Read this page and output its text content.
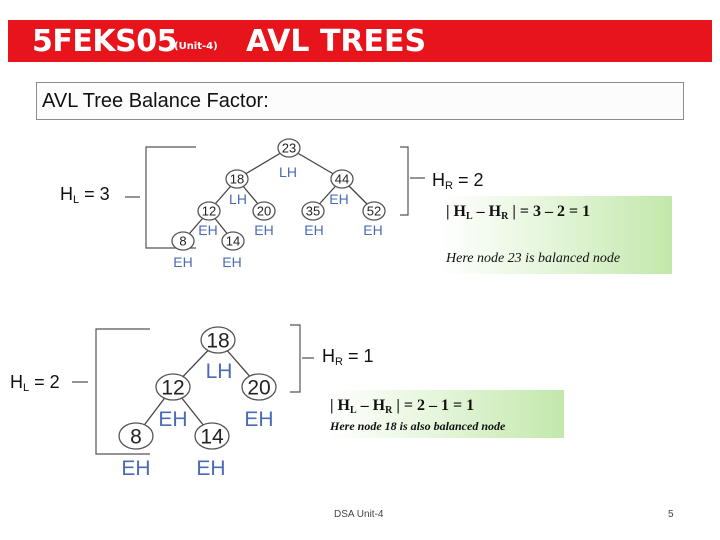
5FEKS05
(Unit-4) AVL TREES
AVL Tree Balance Factor:
$H_L = 3$
$H_R = 2$
| $H_L - H_R$ | = 3 – 2 = 1
Here node 23 is balanced node
$H_L = 2$
$H_R = 1$
| $H_L - H_R$ | = 2 – 1 = 1
Here node 18 is also balanced node
23
LH
18
LH
44
EH
12
EH
20
EH
35
EH
52
EH
8
EH
14
EH
18
LH
12
EH
20
EH
8
EH
14
EH
DSA Unit-4	5
